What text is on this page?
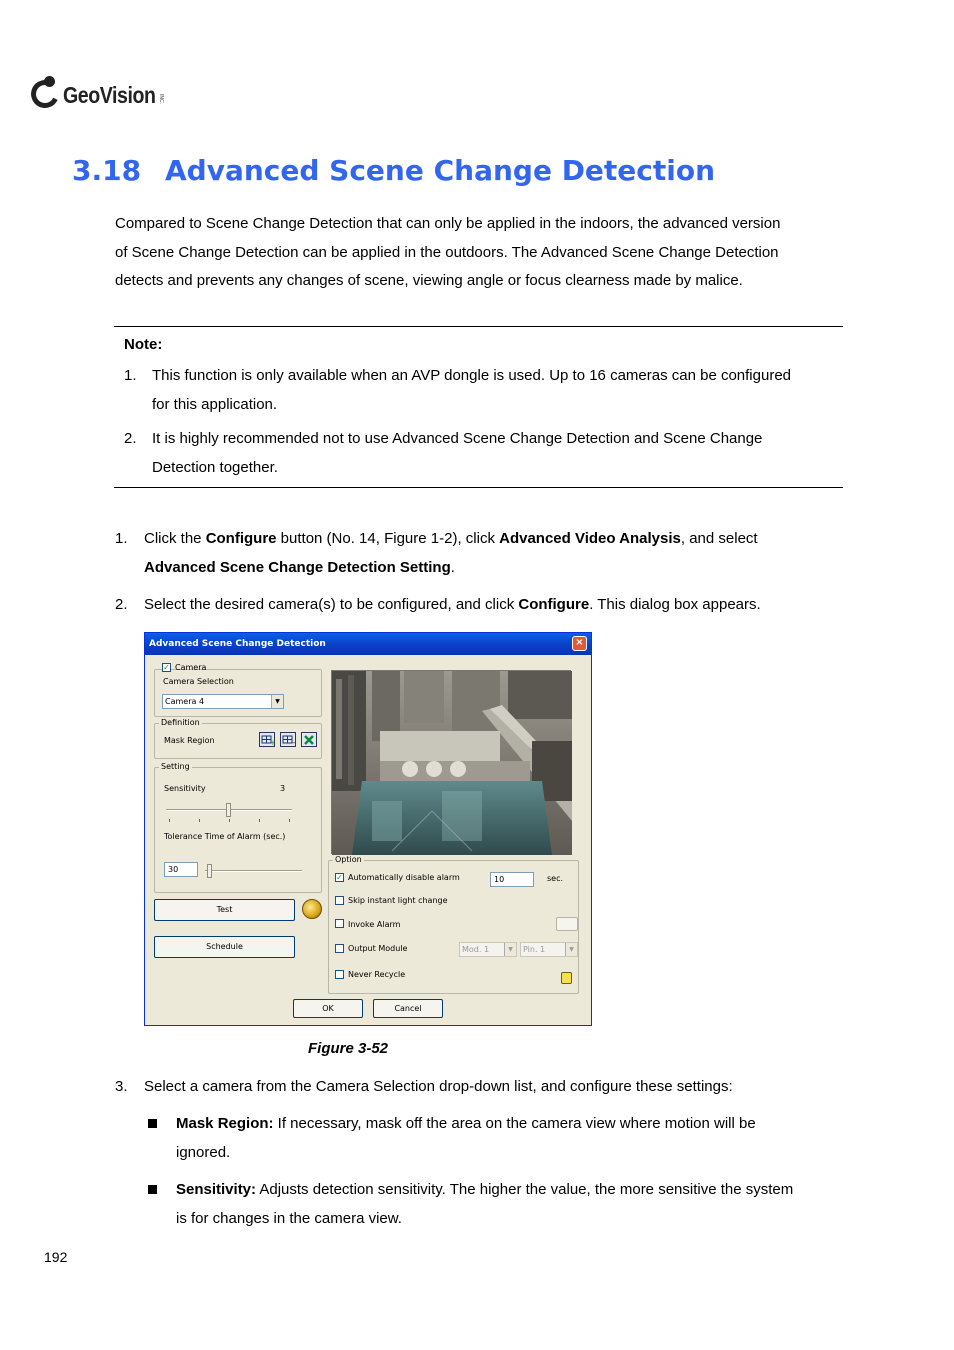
GeoVision INC.
3.18 Advanced Scene Change Detection
Compared to Scene Change Detection that can only be applied in the indoors, the advanced version
of Scene Change Detection can be applied in the outdoors. The Advanced Scene Change Detection
detects and prevents any changes of scene, viewing angle or focus clearness made by malice.
Note:
1. This function is only available when an AVP dongle is used. Up to 16 cameras can be configured
for this application.
2. It is highly recommended not to use Advanced Scene Change Detection and Scene Change
Detection together.
1. Click the Configure button (No. 14, Figure 1-2), click Advanced Video Analysis, and select
Advanced Scene Change Detection Setting.
2. Select the desired camera(s) to be configured, and click Configure. This dialog box appears.
Advanced Scene Change Detection	×
✓ Camera
Camera Selection
Camera 4	▼
Definition
Mask Region	+ −
Setting
Sensitivity	3
Tolerance Time of Alarm (sec.)
30
Test
Schedule
Option
✓ Automatically disable alarm	10	sec.
Skip instant light change
Invoke Alarm
Output Module	Mod. 1	▼	Pin. 1	▼
Never Recycle
OK	Cancel
Figure 3-52
3. Select a camera from the Camera Selection drop-down list, and configure these settings:
Mask Region: If necessary, mask off the area on the camera view where motion will be
ignored.
Sensitivity: Adjusts detection sensitivity. The higher the value, the more sensitive the system
is for changes in the camera view.
192
